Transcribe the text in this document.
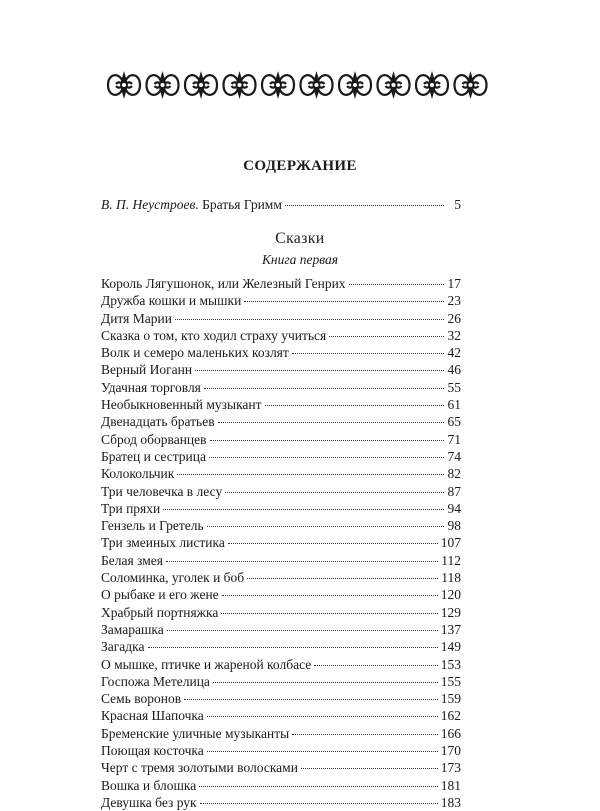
СОДЕРЖАНИЕ
В. П. Неустроев. Братья Гримм	5
Сказки
Книга первая
Король Лягушонок, или Железный Генрих	17
Дружба кошки и мышки	23
Дитя Марии	26
Сказка о том, кто ходил страху учиться	32
Волк и семеро маленьких козлят	42
Верный Иоганн	46
Удачная торговля	55
Необыкновенный музыкант	61
Двенадцать братьев	65
Сброд оборванцев	71
Братец и сестрица	74
Колокольчик	82
Три человечка в лесу	87
Три пряхи	94
Гензель и Гретель	98
Три змеиных листика	107
Белая змея	112
Соломинка, уголек и боб	118
О рыбаке и его жене	120
Храбрый портняжка	129
Замарашка	137
Загадка	149
О мышке, птичке и жареной колбасе	153
Госпожа Метелица	155
Семь воронов	159
Красная Шапочка	162
Бременские уличные музыканты	166
Поющая косточка	170
Черт с тремя золотыми волосками	173
Вошка и блошка	181
Девушка без рук	183
